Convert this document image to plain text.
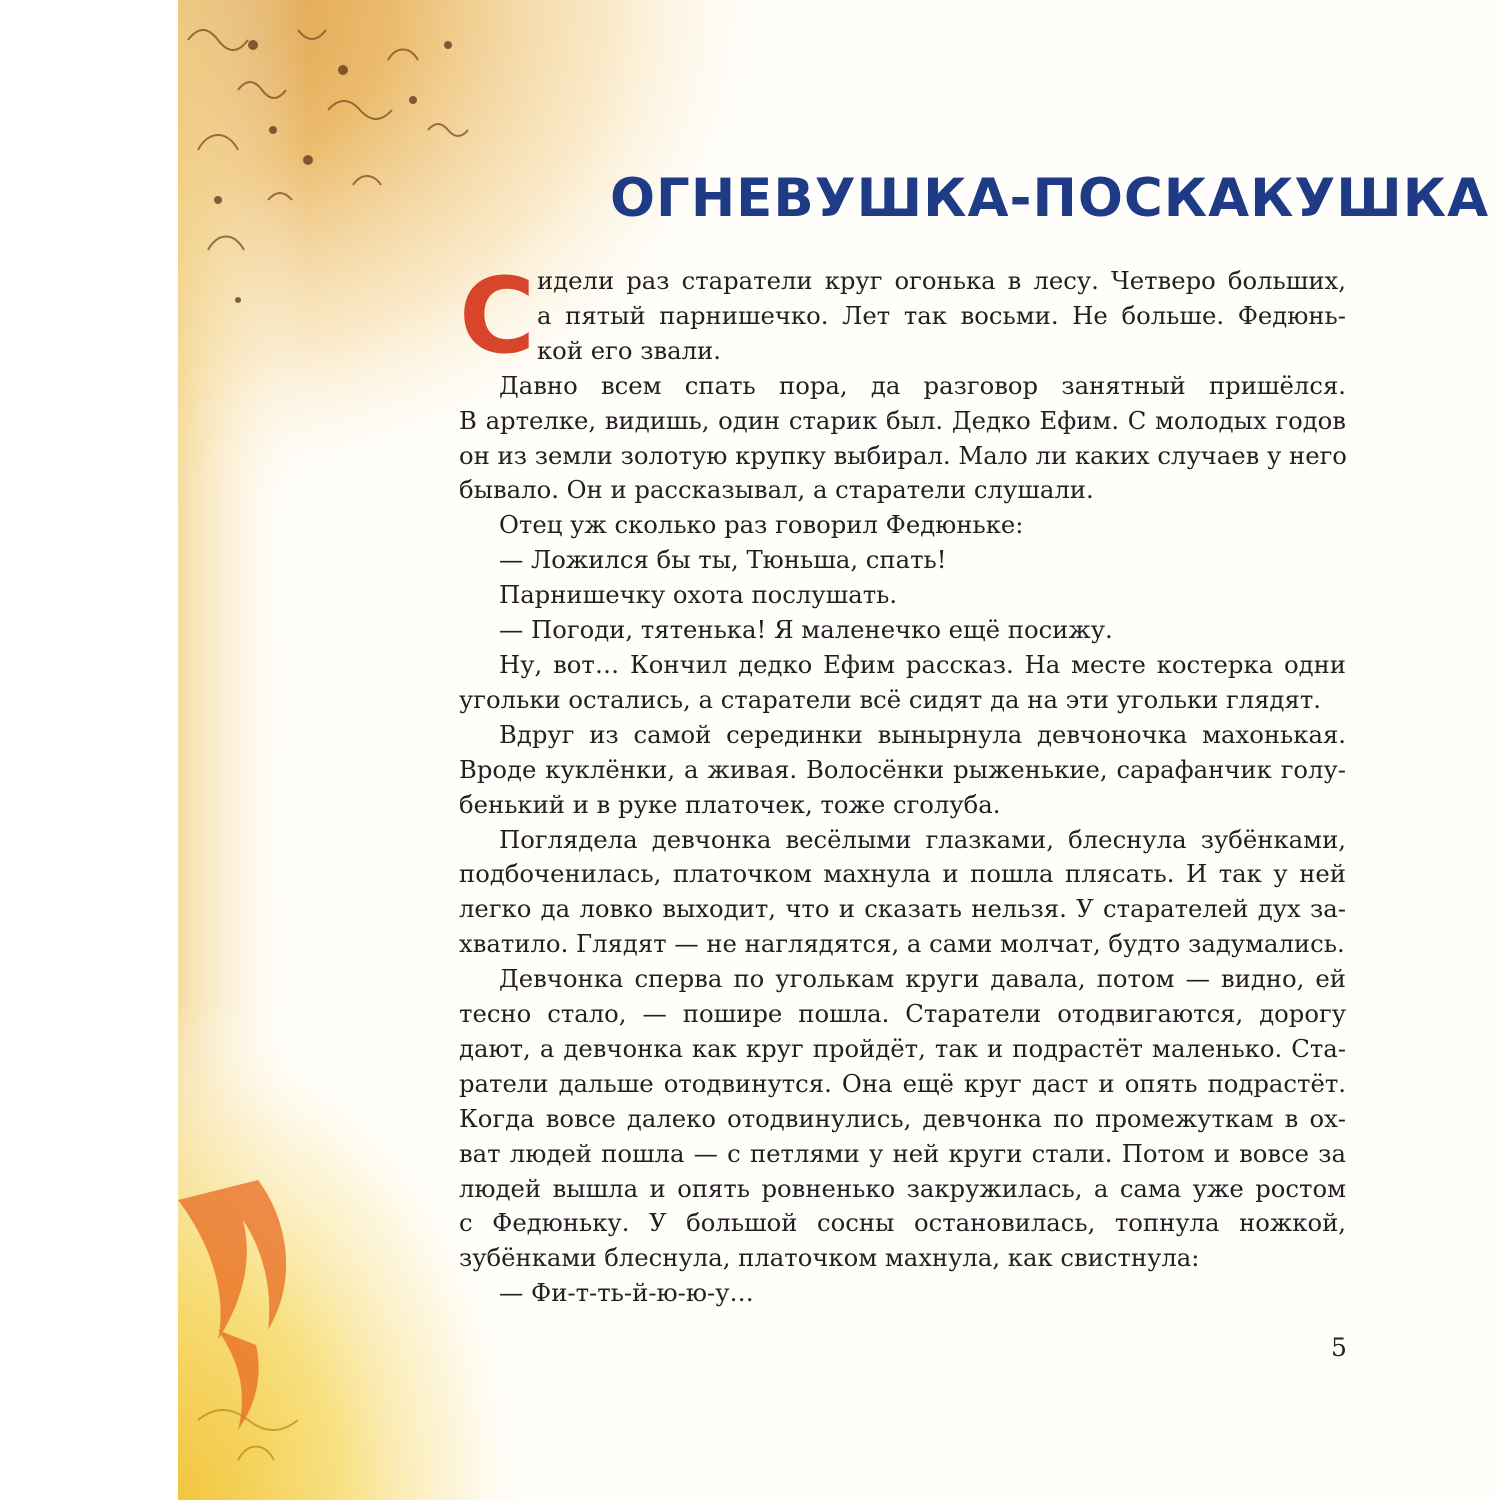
ОГНЕВУШКА-ПОСКАКУШКА

С идели раз старатели круг огонька в лесу. Четверо больших,
а пятый парнишечко. Лет так восьми. Не больше. Федюнь-
кой его звали.

Давно всем спать пора, да разговор занятный пришёлся.
В артелке, видишь, один старик был. Дедко Ефим. С молодых годов
он из земли золотую крупку выбирал. Мало ли каких случаев у него
бывало. Он и рассказывал, а старатели слушали.

Отец уж сколько раз говорил Федюньке:

— Ложился бы ты, Тюньша, спать!

Парнишечку охота послушать.

— Погоди, тятенька! Я маленечко ещё посижу.

Ну, вот… Кончил дедко Ефим рассказ. На месте костерка одни
угольки остались, а старатели всё сидят да на эти угольки глядят.

Вдруг из самой серединки вынырнула девчоночка махонькая.
Вроде куклёнки, а живая. Волосёнки рыженькие, сарафанчик голу-
бенький и в руке платочек, тоже сголуба.

Поглядела девчонка весёлыми глазками, блеснула зубёнками,
подбоченилась, платочком махнула и пошла плясать. И так у ней
легко да ловко выходит, что и сказать нельзя. У старателей дух за-
хватило. Глядят — не наглядятся, а сами молчат, будто задумались.

Девчонка сперва по уголькам круги давала, потом — видно, ей
тесно стало, — пошире пошла. Старатели отодвигаются, дорогу
дают, а девчонка как круг пройдёт, так и подрастёт маленько. Ста-
ратели дальше отодвинутся. Она ещё круг даст и опять подрастёт.
Когда вовсе далеко отодвинулись, девчонка по промежуткам в ох-
ват людей пошла — с петлями у ней круги стали. Потом и вовсе за
людей вышла и опять ровненько закружилась, а сама уже ростом
с Федюньку. У большой сосны остановилась, топнула ножкой,
зубёнками блеснула, платочком махнула, как свистнула:

— Фи-т-ть-й-ю-ю-у…

5
